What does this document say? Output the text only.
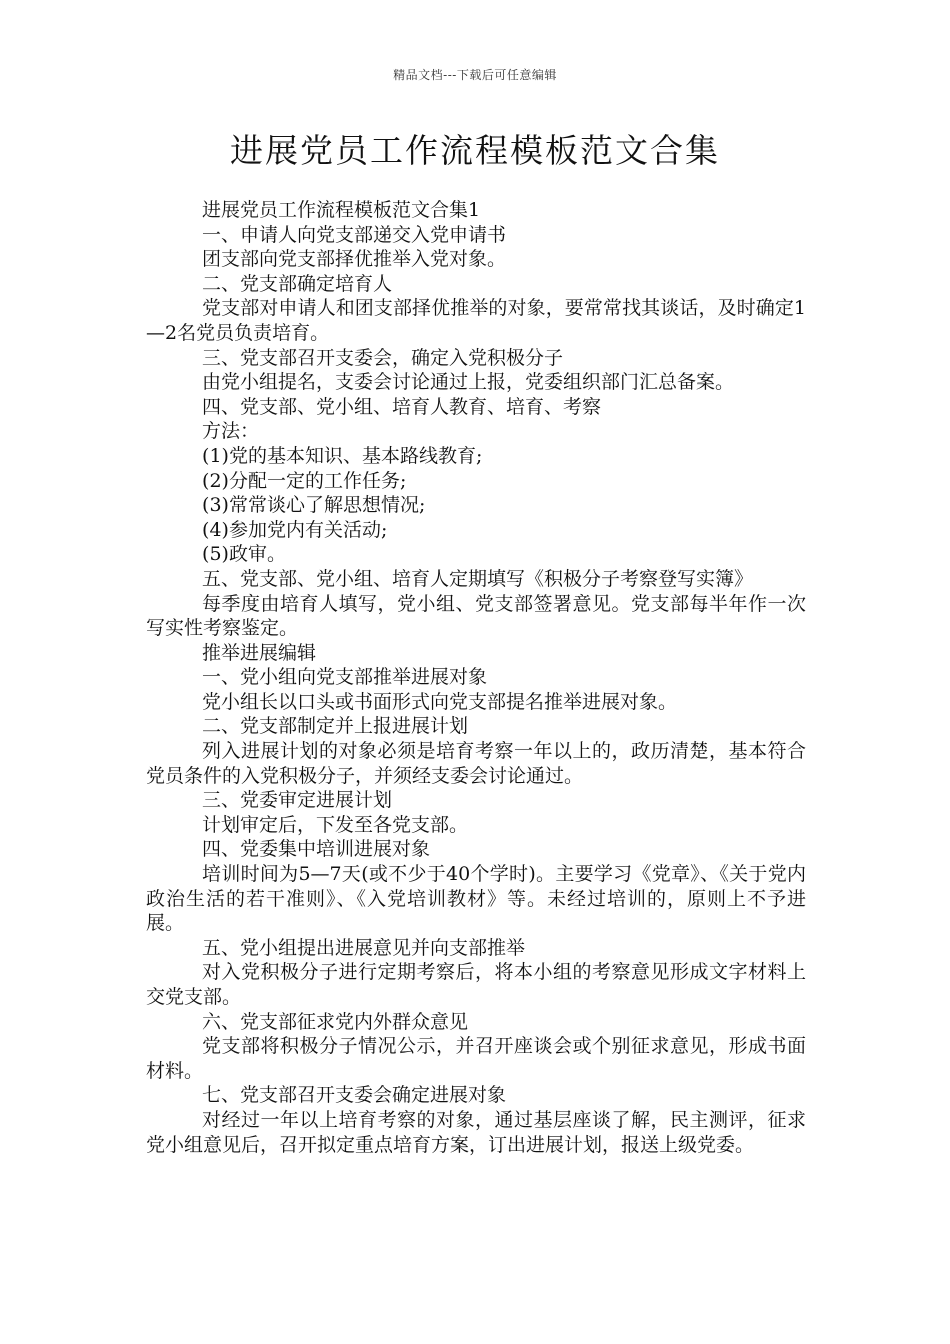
精品文档---下载后可任意编辑
进展党员工作流程模板范文合集

进展党员工作流程模板范文合集1

一、申请人向党支部递交入党申请书

团支部向党支部择优推举入党对象。

二、党支部确定培育人

党支部对申请人和团支部择优推举的对象，要常常找其谈话，及时确定1—2名党员负责培育。

三、党支部召开支委会，确定入党积极分子

由党小组提名，支委会讨论通过上报，党委组织部门汇总备案。

四、党支部、党小组、培育人教育、培育、考察

方法：

(1)党的基本知识、基本路线教育;

(2)分配一定的工作任务;

(3)常常谈心了解思想情况;

(4)参加党内有关活动;

(5)政审。

五、党支部、党小组、培育人定期填写《积极分子考察登写实簿》

每季度由培育人填写，党小组、党支部签署意见。党支部每半年作一次写实性考察鉴定。

推举进展编辑

一、党小组向党支部推举进展对象

党小组长以口头或书面形式向党支部提名推举进展对象。

二、党支部制定并上报进展计划

列入进展计划的对象必须是培育考察一年以上的，政历清楚，基本符合党员条件的入党积极分子，并须经支委会讨论通过。

三、党委审定进展计划

计划审定后，下发至各党支部。

四、党委集中培训进展对象

培训时间为5—7天(或不少于40个学时)。主要学习《党章》、《关于党内政治生活的若干准则》、《入党培训教材》等。未经过培训的，原则上不予进展。

五、党小组提出进展意见并向支部推举

对入党积极分子进行定期考察后，将本小组的考察意见形成文字材料上交党支部。

六、党支部征求党内外群众意见

党支部将积极分子情况公示，并召开座谈会或个别征求意见，形成书面材料。

七、党支部召开支委会确定进展对象

对经过一年以上培育考察的对象，通过基层座谈了解，民主测评，征求党小组意见后，召开拟定重点培育方案，订出进展计划，报送上级党委。
